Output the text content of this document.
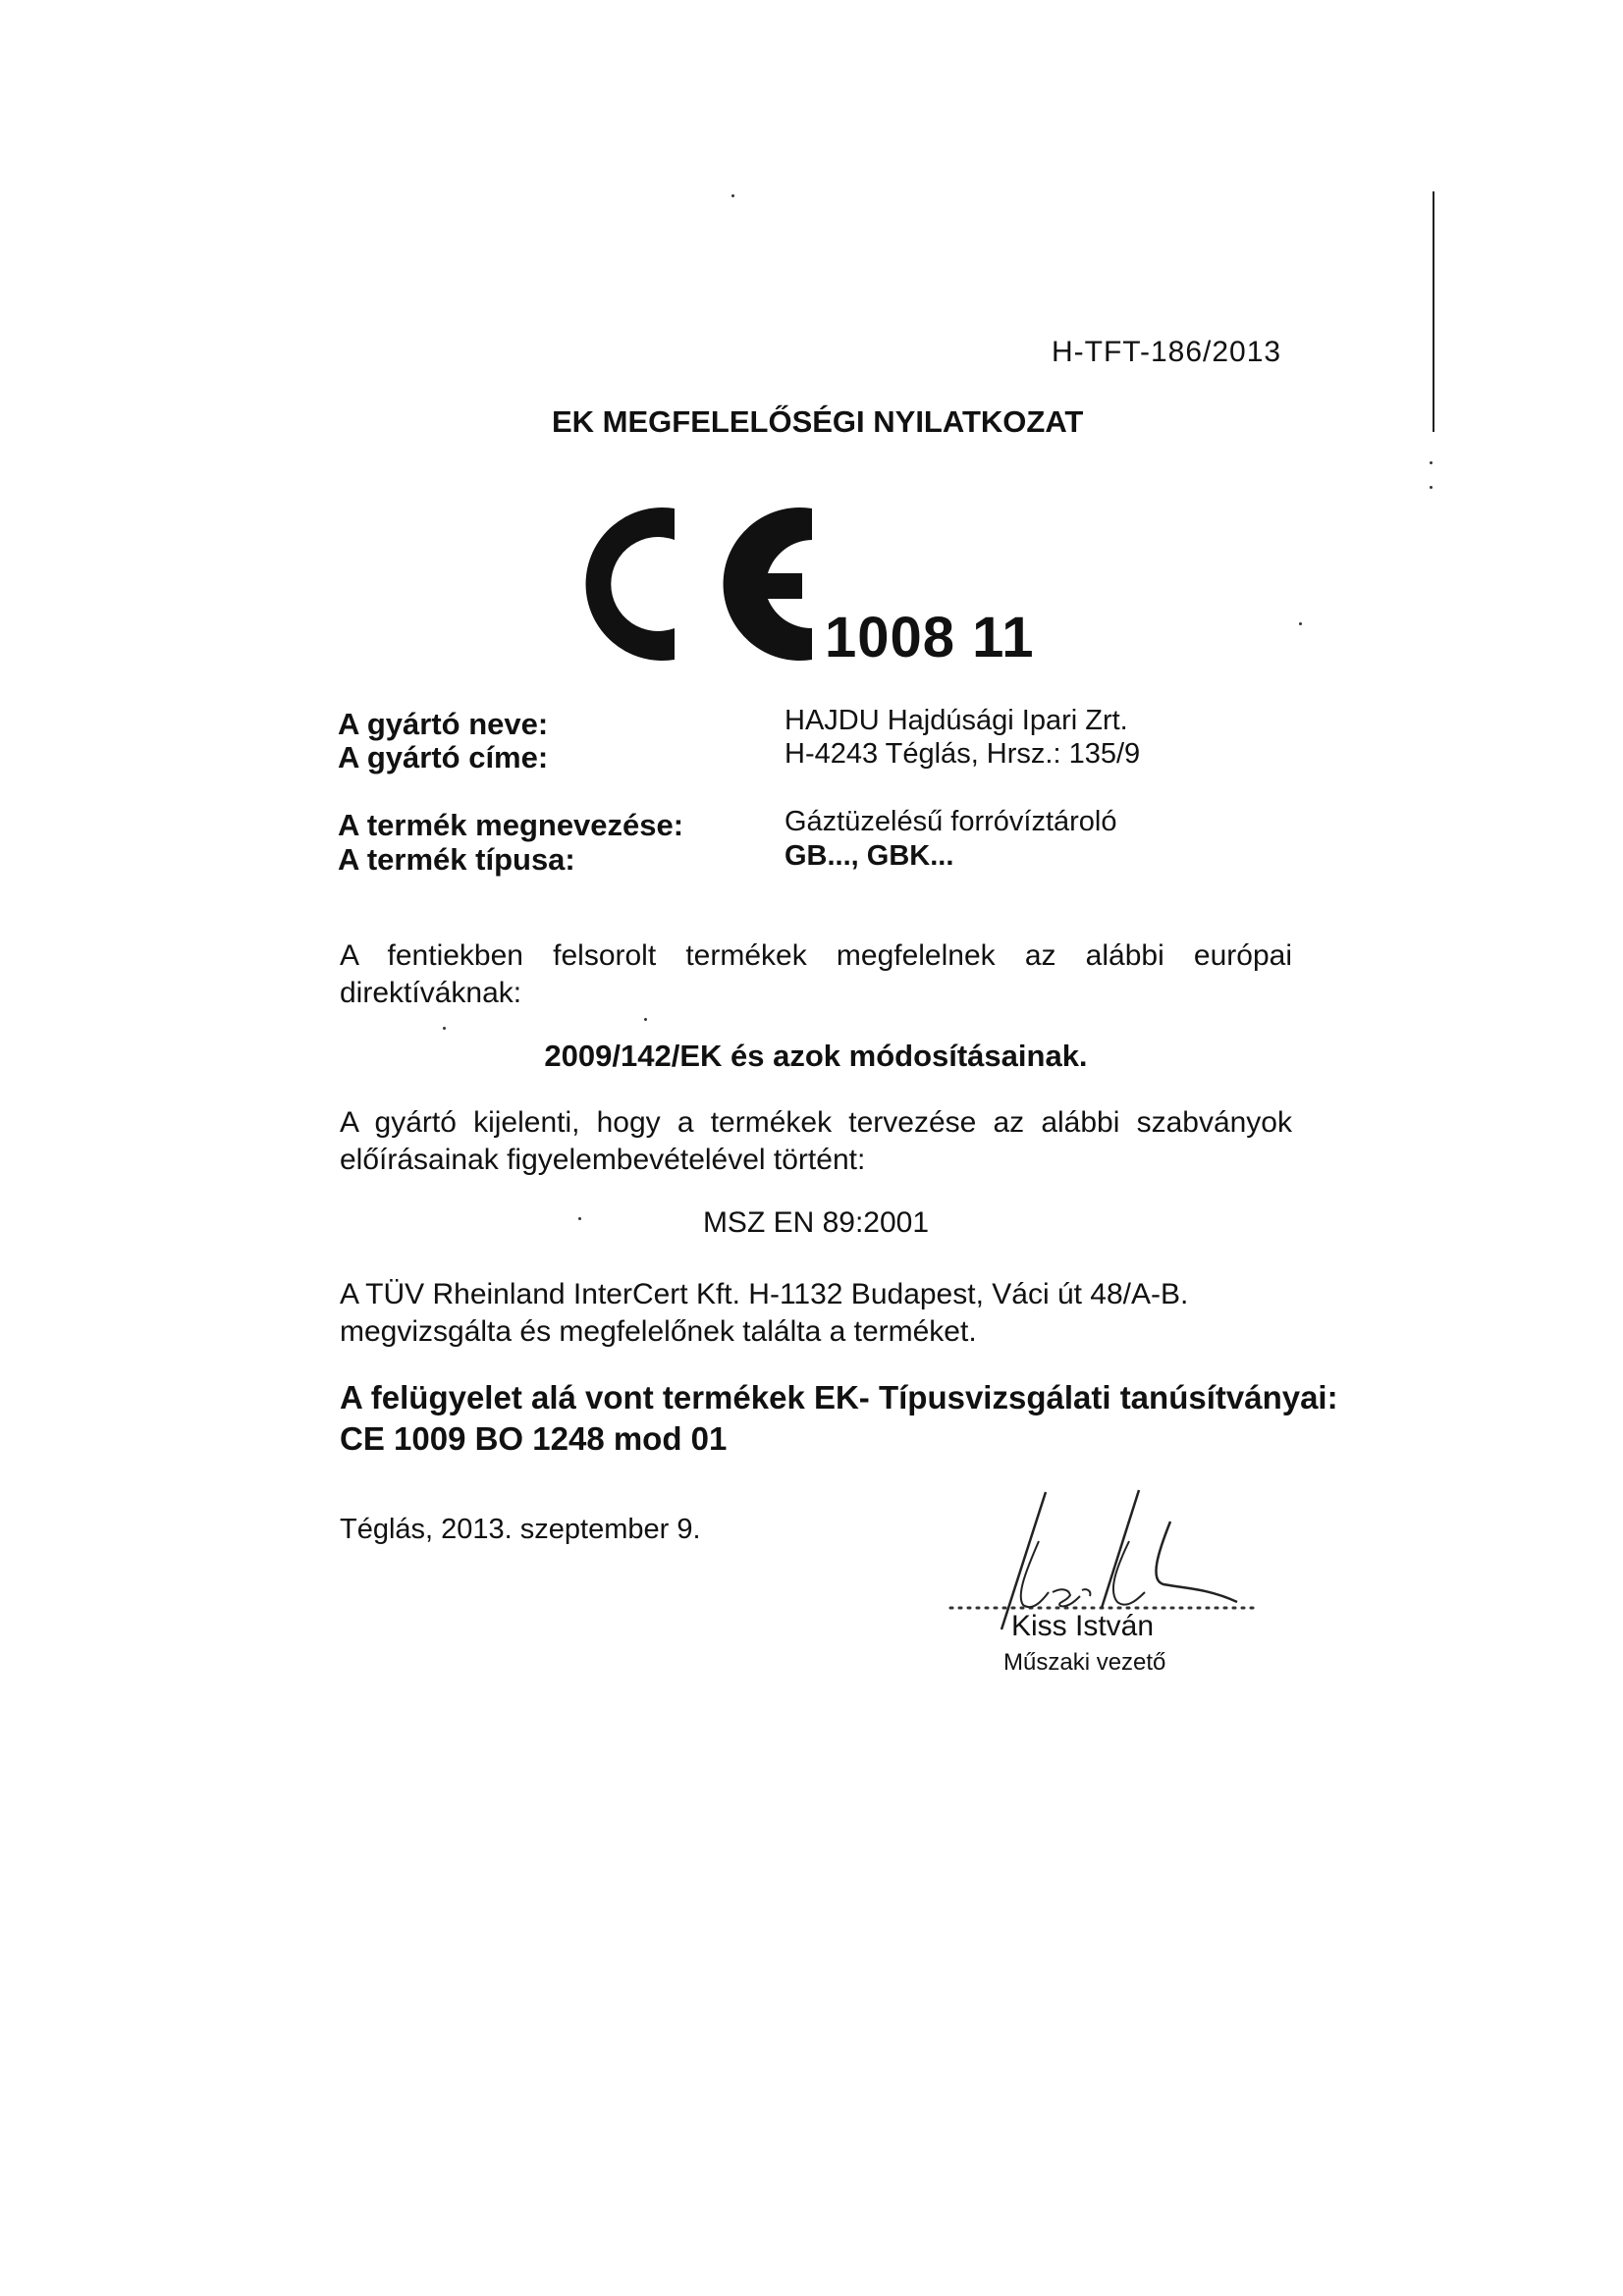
H-TFT-186/2013
EK MEGFELELŐSÉGI NYILATKOZAT
1008 11
A gyártó neve:	HAJDU Hajdúsági Ipari Zrt.
A gyártó címe:	H-4243 Téglás, Hrsz.: 135/9
A termék megnevezése:	Gáztüzelésű forróvíztároló
A termék típusa:	GB..., GBK...
A fentiekben felsorolt termékek megfelelnek az alábbi európai direktíváknak:
2009/142/EK és azok módosításainak.
A gyártó kijelenti, hogy a termékek tervezése az alábbi szabványok előírásainak figyelembevételével történt:
MSZ EN 89:2001
A TÜV Rheinland InterCert Kft. H-1132 Budapest, Váci út 48/A-B.
megvizsgálta és megfelelőnek találta a terméket.
A felügyelet alá vont termékek EK- Típusvizsgálati tanúsítványai:
CE 1009 BO 1248 mod 01
Téglás, 2013. szeptember 9.
Kiss István
Műszaki vezető
